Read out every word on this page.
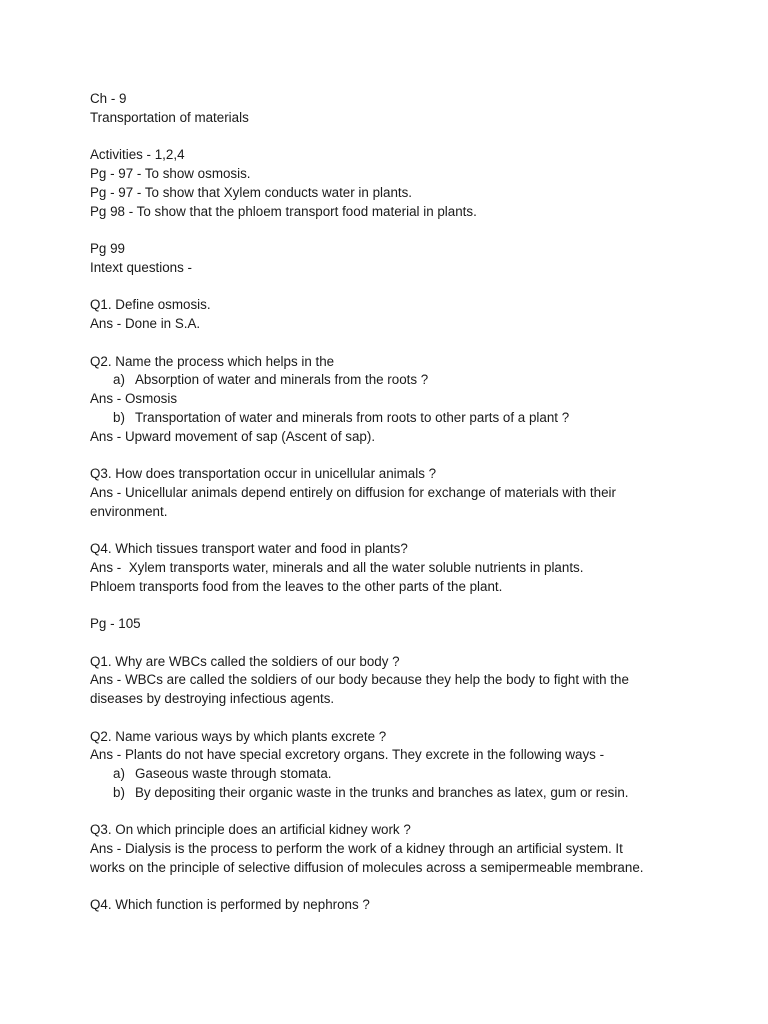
Ch - 9
Transportation of materials
Activities - 1,2,4
Pg - 97 - To show osmosis.
Pg - 97 - To show that Xylem conducts water in plants.
Pg 98 - To show that the phloem transport food material in plants.
Pg 99
Intext questions -
Q1. Define osmosis.
Ans - Done in S.A.
Q2. Name the process which helps in the
a) Absorption of water and minerals from the roots ?
Ans - Osmosis
b) Transportation of water and minerals from roots to other parts of a plant ?
Ans - Upward movement of sap (Ascent of sap).
Q3. How does transportation occur in unicellular animals ?
Ans - Unicellular animals depend entirely on diffusion for exchange of materials with their
environment.
Q4. Which tissues transport water and food in plants?
Ans -  Xylem transports water, minerals and all the water soluble nutrients in plants.
Phloem transports food from the leaves to the other parts of the plant.
Pg - 105
Q1. Why are WBCs called the soldiers of our body ?
Ans - WBCs are called the soldiers of our body because they help the body to fight with the
diseases by destroying infectious agents.
Q2. Name various ways by which plants excrete ?
Ans - Plants do not have special excretory organs. They excrete in the following ways -
a) Gaseous waste through stomata.
b) By depositing their organic waste in the trunks and branches as latex, gum or resin.
Q3. On which principle does an artificial kidney work ?
Ans - Dialysis is the process to perform the work of a kidney through an artificial system. It
works on the principle of selective diffusion of molecules across a semipermeable membrane.
Q4. Which function is performed by nephrons ?
